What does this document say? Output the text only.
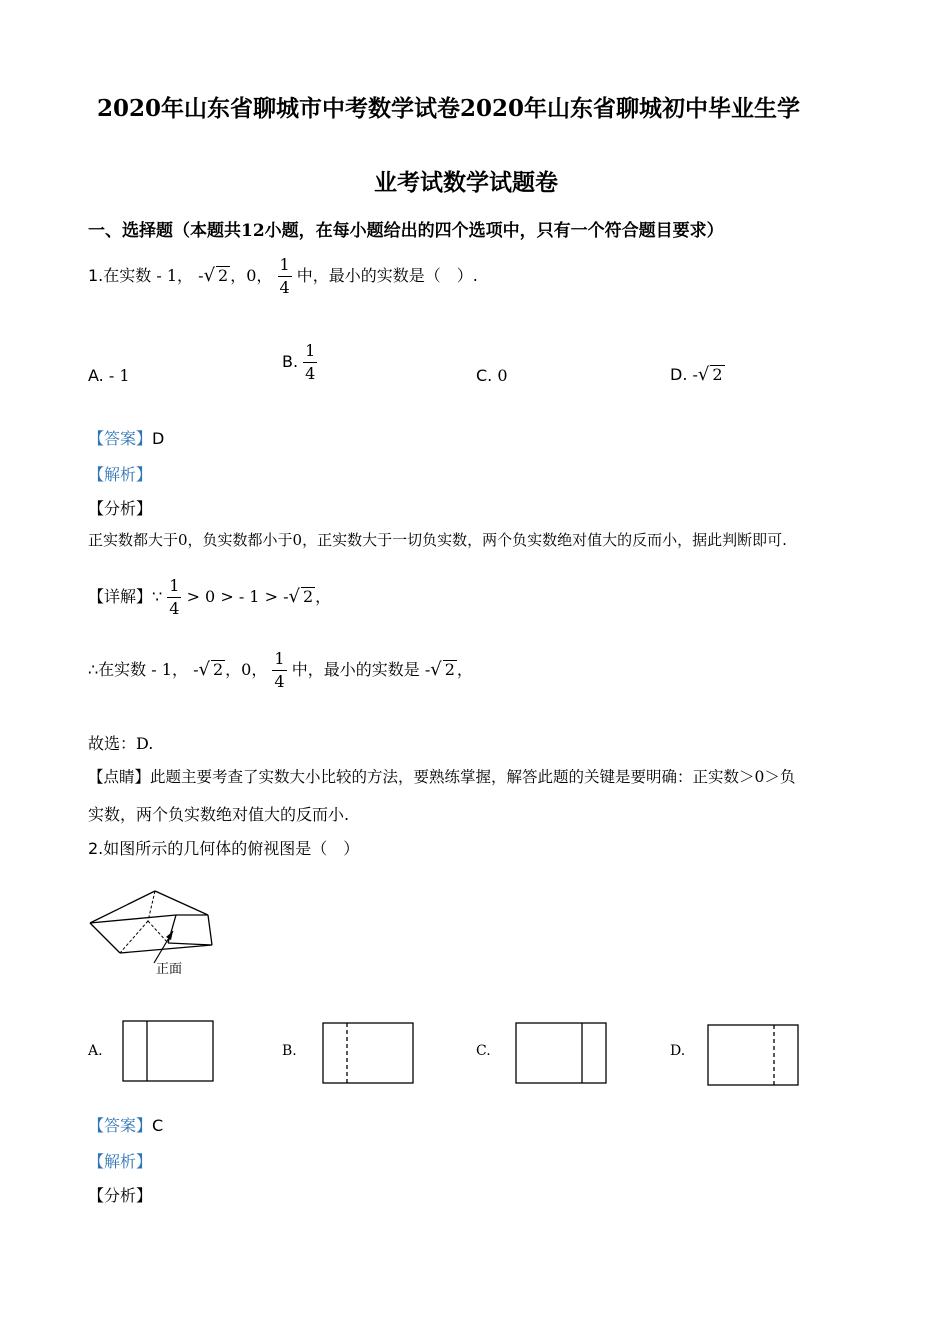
2020年山东省聊城市中考数学试卷2020年山东省聊城初中毕业生学
业考试数学试题卷
一、选择题（本题共12小题，在每小题给出的四个选项中，只有一个符合题目要求）
1.在实数 - 1， -√ 2 ，0， $\frac{1}{4}$ 中，最小的实数是（　）.
A. - 1
B. $\frac{1}{4}$	C. 0	D. -√ 2
【答案】D
【解析】
【分析】
正实数都大于0，负实数都小于0，正实数大于一切负实数，两个负实数绝对值大的反而小，据此判断即可.
【详解】∵ $\frac{1}{4} > 0$ > - 1 > -√ 2 ，
∴在实数 - 1， -√ 2 ，0， $\frac{1}{4}$ 中，最小的实数是 -√ 2 ，
故选：D.
【点睛】此题主要考查了实数大小比较的方法，要熟练掌握，解答此题的关键是要明确：正实数＞0＞负
实数，两个负实数绝对值大的反而小.
2.如图所示的几何体的俯视图是（　）
正面
A.	B.	C.	D.
【答案】C
【解析】
【分析】
